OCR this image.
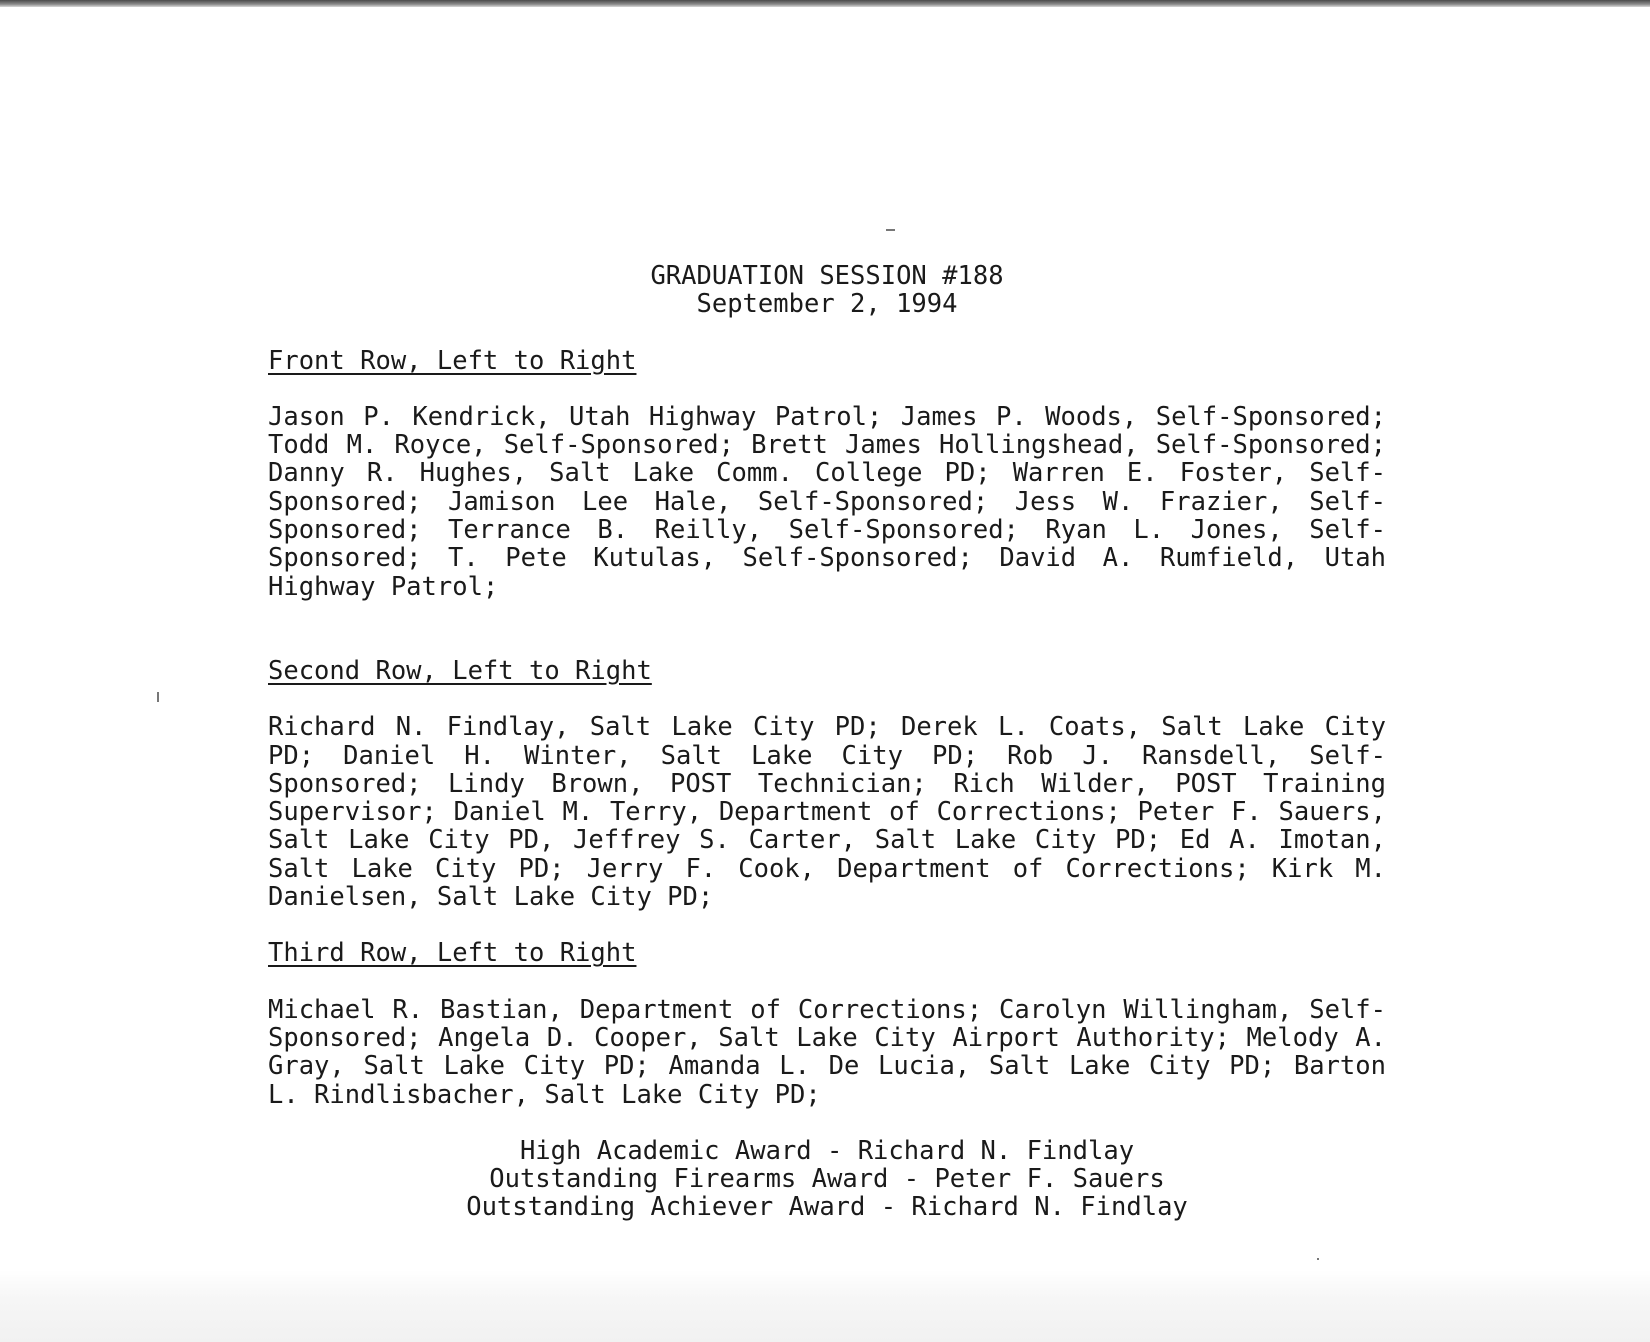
GRADUATION SESSION #188

September 2, 1994

Front Row, Left to Right

Jason P. Kendrick, Utah Highway Patrol; James P. Woods, Self-Sponsored; Todd M. Royce, Self-Sponsored; Brett James Hollingshead, Self-Sponsored; Danny R. Hughes, Salt Lake Comm. College PD; Warren E. Foster, Self-Sponsored; Jamison Lee Hale, Self-Sponsored; Jess W. Frazier, Self-Sponsored; Terrance B. Reilly, Self-Sponsored; Ryan L. Jones, Self-Sponsored; T. Pete Kutulas, Self-Sponsored; David A. Rumfield, Utah Highway Patrol;

Second Row, Left to Right

Richard N. Findlay, Salt Lake City PD; Derek L. Coats, Salt Lake City PD; Daniel H. Winter, Salt Lake City PD; Rob J. Ransdell, Self-Sponsored; Lindy Brown, POST Technician; Rich Wilder, POST Training Supervisor; Daniel M. Terry, Department of Corrections; Peter F. Sauers, Salt Lake City PD, Jeffrey S. Carter, Salt Lake City PD; Ed A. Imotan, Salt Lake City PD; Jerry F. Cook, Department of Corrections; Kirk M. Danielsen, Salt Lake City PD;

Third Row, Left to Right

Michael R. Bastian, Department of Corrections; Carolyn Willingham, Self-Sponsored; Angela D. Cooper, Salt Lake City Airport Authority; Melody A. Gray, Salt Lake City PD; Amanda L. De Lucia, Salt Lake City PD; Barton L. Rindlisbacher, Salt Lake City PD;

High Academic Award - Richard N. Findlay

Outstanding Firearms Award - Peter F. Sauers

Outstanding Achiever Award - Richard N. Findlay
